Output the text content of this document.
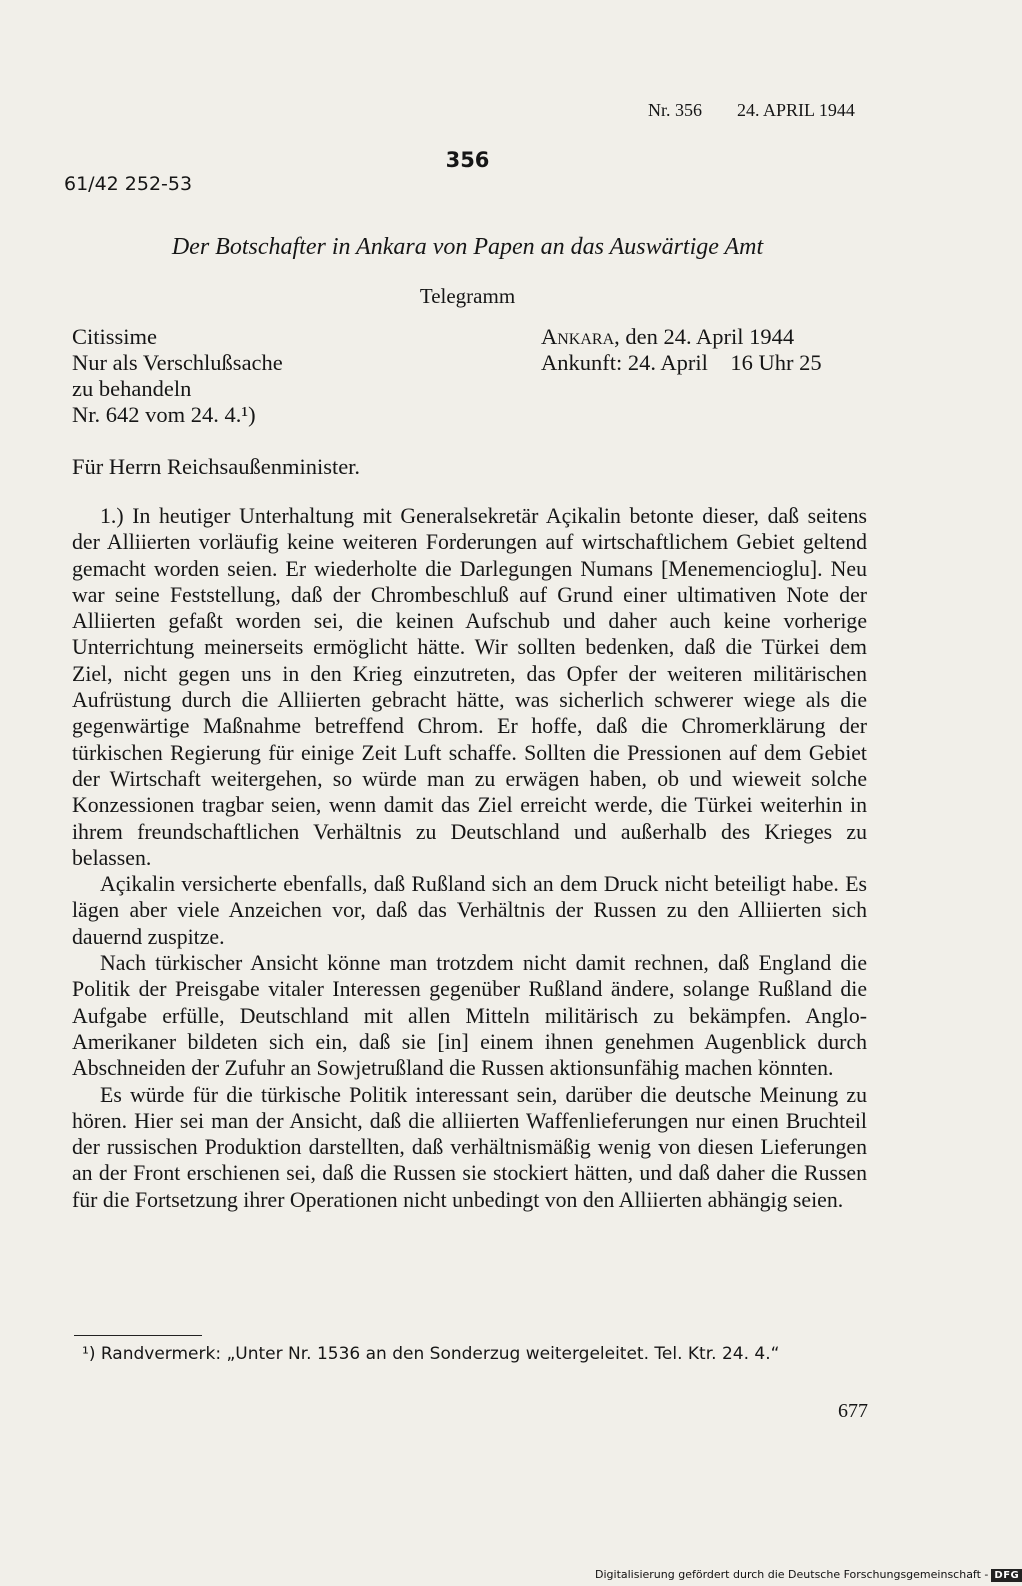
Nr. 356 24. APRIL 1944
356
61/42 252-53
Der Botschafter in Ankara von Papen an das Auswärtige Amt
Telegramm
Citissime
Nur als Verschlußsache
zu behandeln
Nr. 642 vom 24. 4.¹)
Ankara, den 24. April 1944
Ankunft: 24. April    16 Uhr 25
Für Herrn Reichsaußenminister.

1.) In heutiger Unterhaltung mit Generalsekretär Açikalin betonte dieser, daß seitens der Alliierten vorläufig keine weiteren Forderungen auf wirtschaftlichem Gebiet geltend gemacht worden seien. Er wiederholte die Darlegungen Numans [Menemencioglu]. Neu war seine Feststellung, daß der Chrombeschluß auf Grund einer ultimativen Note der Alliierten gefaßt worden sei, die keinen Aufschub und daher auch keine vorherige Unterrichtung meinerseits ermöglicht hätte. Wir sollten bedenken, daß die Türkei dem Ziel, nicht gegen uns in den Krieg einzutreten, das Opfer der weiteren militärischen Aufrüstung durch die Alliierten gebracht hätte, was sicherlich schwerer wiege als die gegenwärtige Maßnahme betreffend Chrom. Er hoffe, daß die Chromerklärung der türkischen Regierung für einige Zeit Luft schaffe. Sollten die Pressionen auf dem Gebiet der Wirtschaft weitergehen, so würde man zu erwägen haben, ob und wieweit solche Konzessionen tragbar seien, wenn damit das Ziel erreicht werde, die Türkei weiterhin in ihrem freundschaftlichen Verhältnis zu Deutschland und außerhalb des Krieges zu belassen.

Açikalin versicherte ebenfalls, daß Rußland sich an dem Druck nicht beteiligt habe. Es lägen aber viele Anzeichen vor, daß das Verhältnis der Russen zu den Alliierten sich dauernd zuspitze.

Nach türkischer Ansicht könne man trotzdem nicht damit rechnen, daß England die Politik der Preisgabe vitaler Interessen gegenüber Rußland ändere, solange Rußland die Aufgabe erfülle, Deutschland mit allen Mitteln militärisch zu bekämpfen. Anglo-Amerikaner bildeten sich ein, daß sie [in] einem ihnen genehmen Augenblick durch Abschneiden der Zufuhr an Sowjetrußland die Russen aktionsunfähig machen könnten.

Es würde für die türkische Politik interessant sein, darüber die deutsche Meinung zu hören. Hier sei man der Ansicht, daß die alliierten Waffenlieferungen nur einen Bruchteil der russischen Produktion darstellten, daß verhältnismäßig wenig von diesen Lieferungen an der Front erschienen sei, daß die Russen sie stockiert hätten, und daß daher die Russen für die Fortsetzung ihrer Operationen nicht unbedingt von den Alliierten abhängig seien.

¹) Randvermerk: „Unter Nr. 1536 an den Sonderzug weitergeleitet. Tel. Ktr. 24. 4.“
677
Digitalisierung gefördert durch die Deutsche Forschungsgemeinschaft - DFG
